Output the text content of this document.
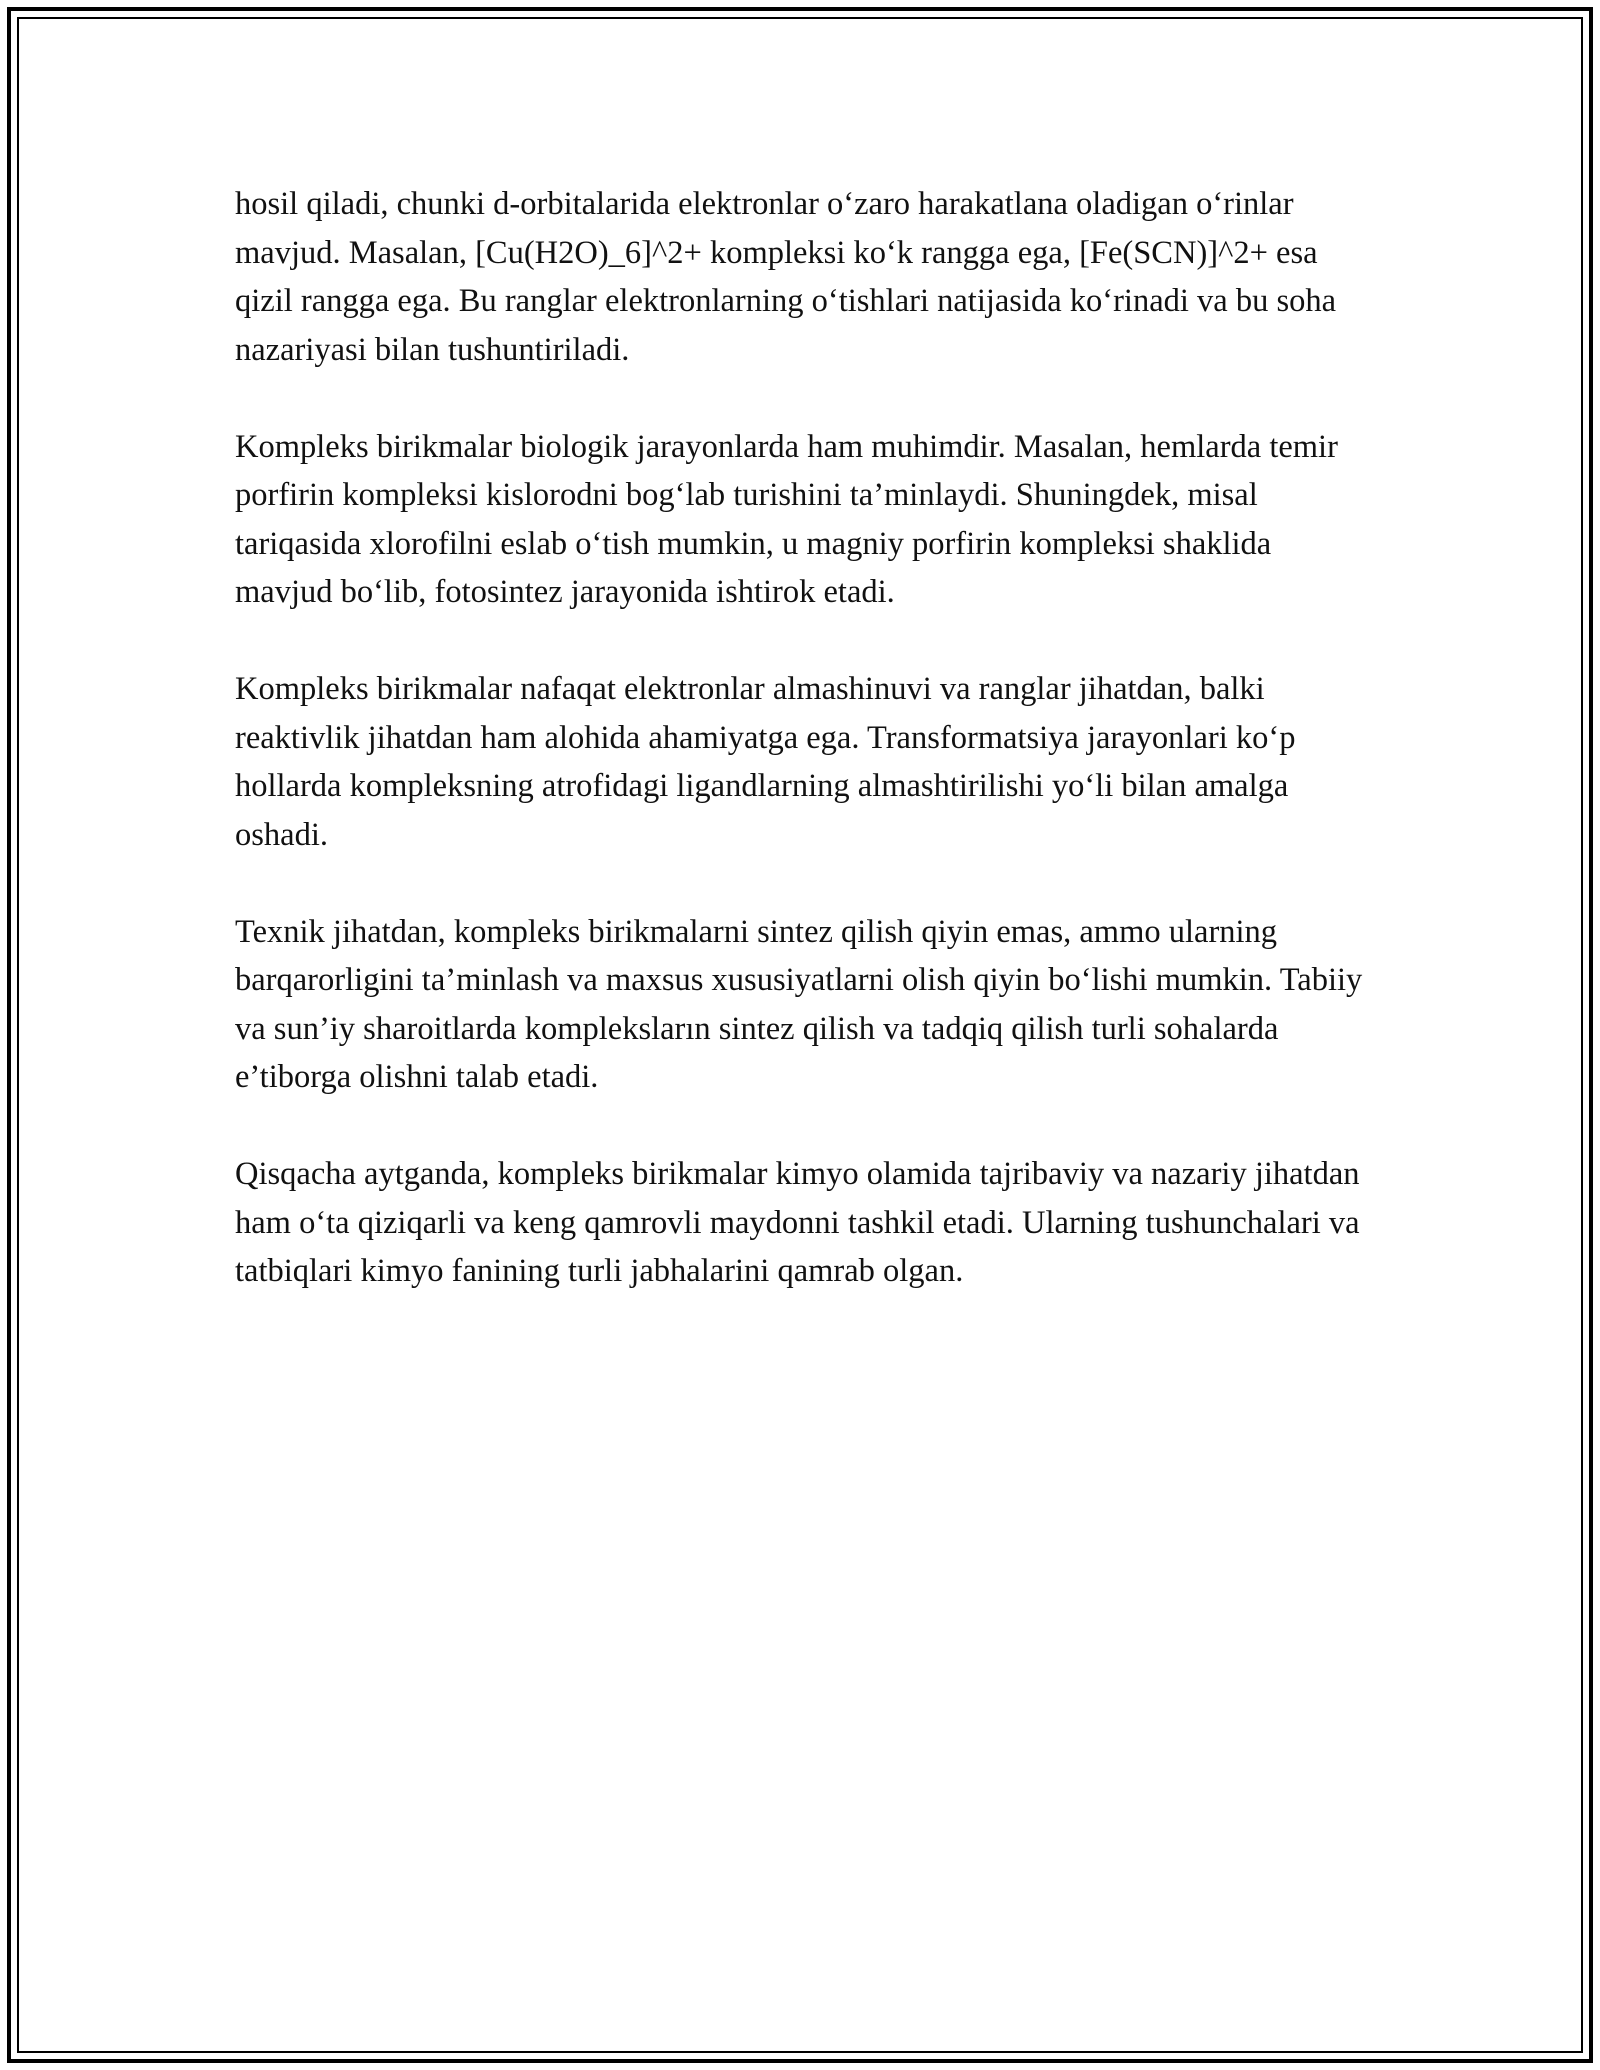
hosil qiladi, chunki d-orbitalarida elektronlar o‘zaro harakatlana oladigan o‘rinlar mavjud. Masalan, [Cu(H2O)_6]^2+ kompleksi ko‘k rangga ega, [Fe(SCN)]^2+ esa qizil rangga ega. Bu ranglar elektronlarning o‘tishlari natijasida ko‘rinadi va bu soha nazariyasi bilan tushuntiriladi.

Kompleks birikmalar biologik jarayonlarda ham muhimdir. Masalan, hemlarda temir porfirin kompleksi kislorodni bog‘lab turishini ta’minlaydi. Shuningdek, misal tariqasida xlorofilni eslab o‘tish mumkin, u magniy porfirin kompleksi shaklida mavjud bo‘lib, fotosintez jarayonida ishtirok etadi.

Kompleks birikmalar nafaqat elektronlar almashinuvi va ranglar jihatdan, balki reaktivlik jihatdan ham alohida ahamiyatga ega. Transformatsiya jarayonlari ko‘p hollarda kompleksning atrofidagi ligandlarning almashtirilishi yo‘li bilan amalga oshadi.

Texnik jihatdan, kompleks birikmalarni sintez qilish qiyin emas, ammo ularning barqarorligini ta’minlash va maxsus xususiyatlarni olish qiyin bo‘lishi mumkin. Tabiiy va sun’iy sharoitlarda kompleksların sintez qilish va tadqiq qilish turli sohalarda e’tiborga olishni talab etadi.

Qisqacha aytganda, kompleks birikmalar kimyo olamida tajribaviy va nazariy jihatdan ham o‘ta qiziqarli va keng qamrovli maydonni tashkil etadi. Ularning tushunchalari va tatbiqlari kimyo fanining turli jabhalarini qamrab olgan.
